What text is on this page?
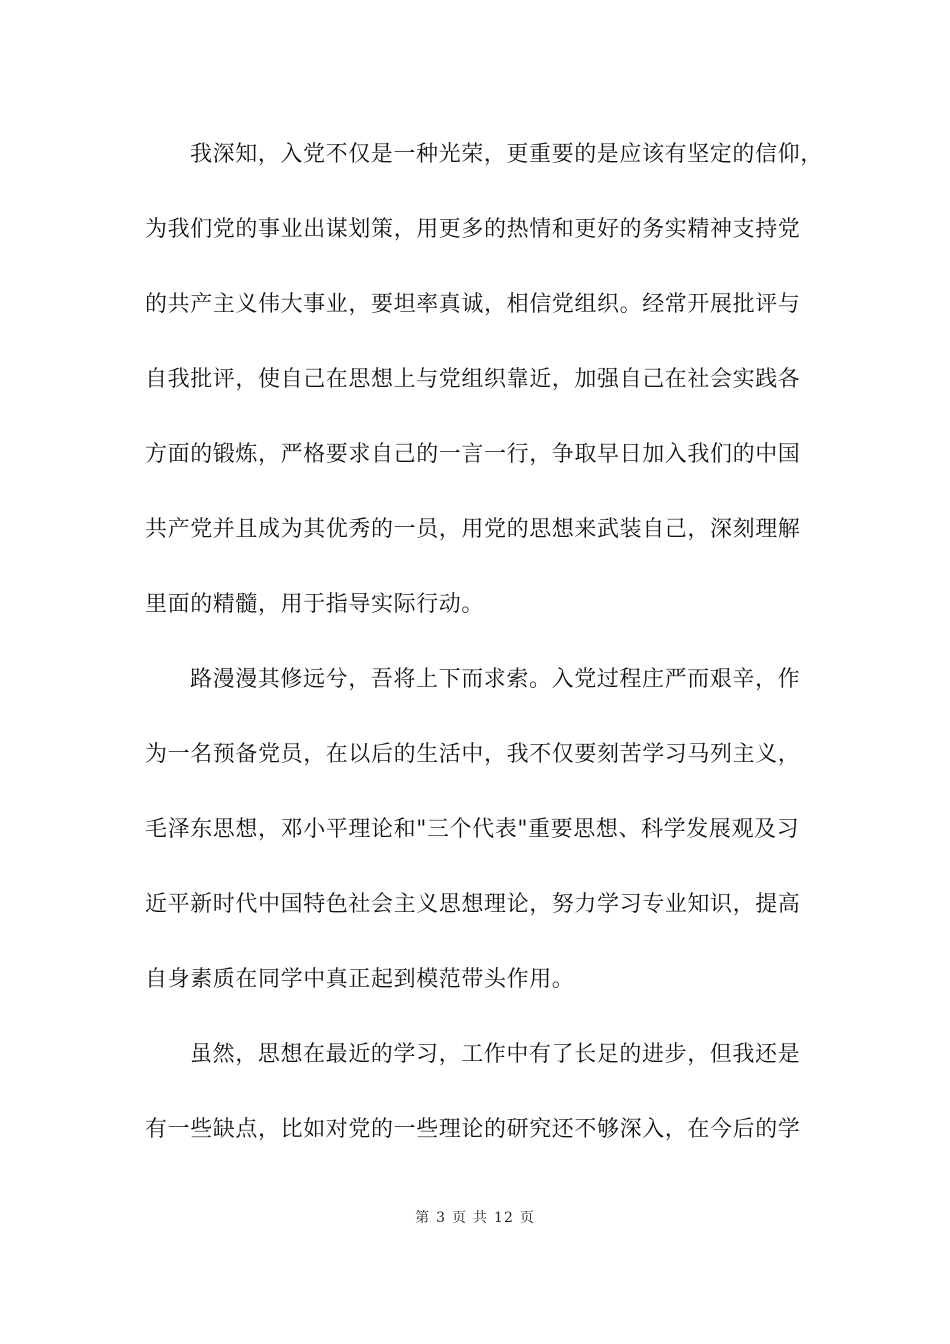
我深知，入党不仅是一种光荣，更重要的是应该有坚定的信仰，
为我们党的事业出谋划策，用更多的热情和更好的务实精神支持党
的共产主义伟大事业，要坦率真诚，相信党组织。经常开展批评与
自我批评，使自己在思想上与党组织靠近，加强自己在社会实践各
方面的锻炼，严格要求自己的一言一行，争取早日加入我们的中国
共产党并且成为其优秀的一员，用党的思想来武装自己，深刻理解
里面的精髓，用于指导实际行动。
路漫漫其修远兮，吾将上下而求索。入党过程庄严而艰辛，作
为一名预备党员，在以后的生活中，我不仅要刻苦学习马列主义，
毛泽东思想，邓小平理论和"三个代表"重要思想、科学发展观及习
近平新时代中国特色社会主义思想理论，努力学习专业知识，提高
自身素质在同学中真正起到模范带头作用。
虽然，思想在最近的学习，工作中有了长足的进步，但我还是
有一些缺点，比如对党的一些理论的研究还不够深入，在今后的学
第 3 页 共 12 页
